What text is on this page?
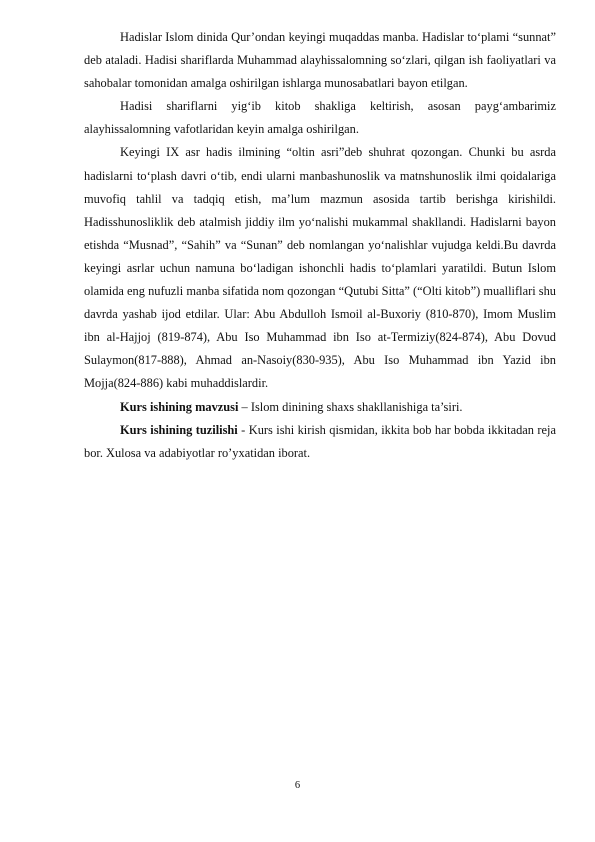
Hadislar Islom dinida Qur’ondan keyingi muqaddas manba. Hadislar to‘plami “sunnat” deb ataladi. Hadisi shariflarda Muhammad alayhissalomning so‘zlari, qilgan ish faoliyatlari va sahobalar tomonidan amalga oshirilgan ishlarga munosabatlari bayon etilgan.

Hadisi shariflarni yig‘ib kitob shakliga keltirish, asosan payg‘ambarimiz alayhissalomning vafotlaridan keyin amalga oshirilgan.

Keyingi IX asr hadis ilmining “oltin asri”deb shuhrat qozongan. Chunki bu asrda hadislarni to‘plash davri o‘tib, endi ularni manbashunoslik va matnshunoslik ilmi qoidalariga muvofiq tahlil va tadqiq etish, ma’lum mazmun asosida tartib berishga kirishildi. Hadisshunosliklik deb atalmish jiddiy ilm yo‘nalishi mukammal shakllandi. Hadislarni bayon etishda “Musnad”, “Sahih” va “Sunan” deb nomlangan yo‘nalishlar vujudga keldi.Bu davrda keyingi asrlar uchun namuna bo‘ladigan ishonchli hadis to‘plamlari yaratildi. Butun Islom olamida eng nufuzli manba sifatida nom qozongan “Qutubi Sitta” (“Olti kitob”) mualliflari shu davrda yashab ijod etdilar. Ular: Abu Abdulloh Ismoil al-Buxoriy (810-870), Imom Muslim ibn al-Hajjoj (819-874), Abu Iso Muhammad ibn Iso at-Termiziy(824-874), Abu Dovud Sulaymon(817-888), Ahmad an-Nasoiy(830-935), Abu Iso Muhammad ibn Yazid ibn Mojja(824-886) kabi muhaddislardir.

Kurs ishining mavzusi – Islom dinining shaxs shakllanishiga ta’siri.

Kurs ishining tuzilishi - Kurs ishi kirish qismidan, ikkita bob har bobda ikkitadan reja bor. Xulosa va adabiyotlar ro’yxatidan iborat.

6
